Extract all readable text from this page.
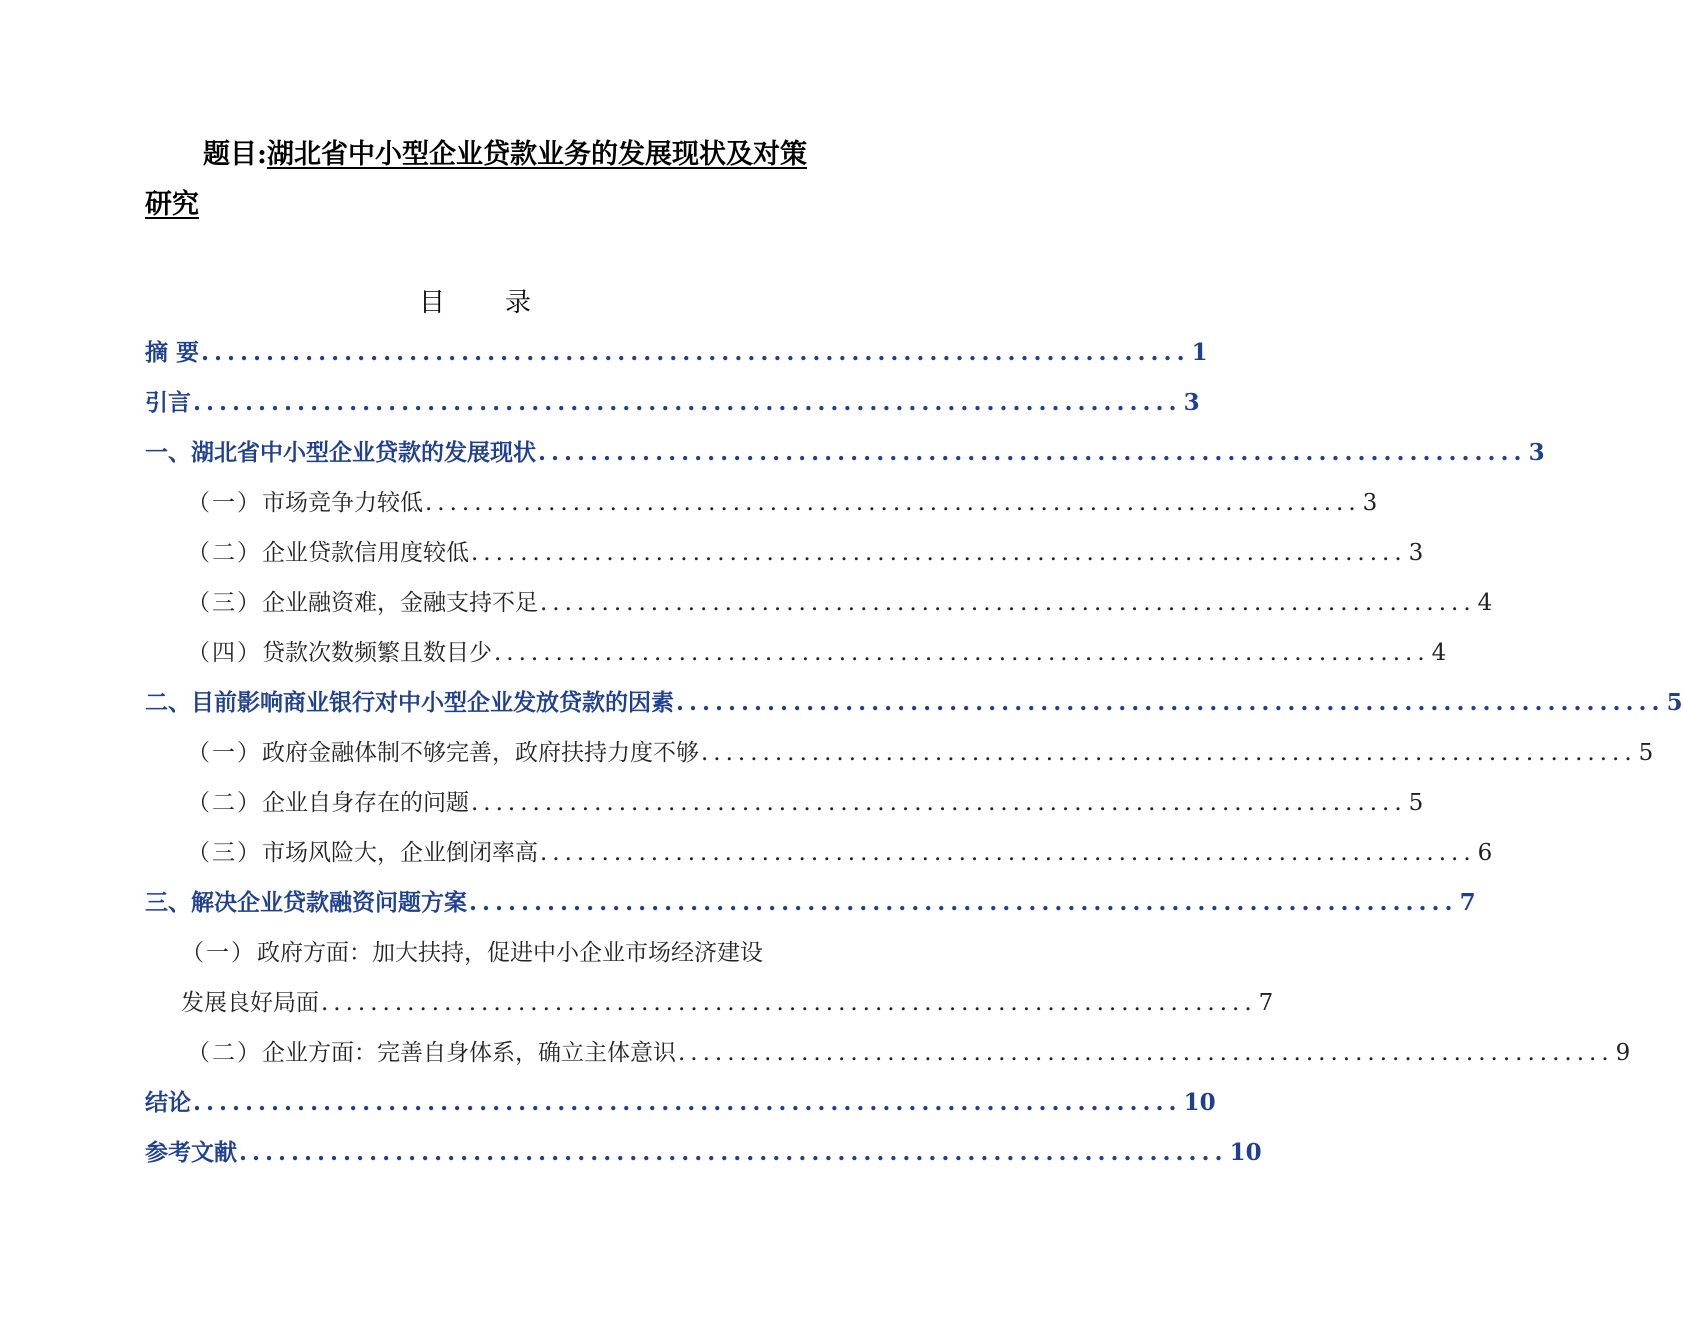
题目:湖北省中小型企业贷款业务的发展现状及对策
研究
目录
摘 要 ............................................................................ 1
引言 ............................................................................ 3
一、 湖北省中小型企业贷款的发展现状 ............................................................................ 3
（一） 市场竞争力较低 ............................................................................ 3
（二） 企业贷款信用度较低 ............................................................................ 3
（三） 企业融资难，金融支持不足 ............................................................................ 4
（四） 贷款次数频繁且数目少 ............................................................................ 4
二、 目前影响商业银行对中小型企业发放贷款的因素 ............................................................................ 5
（一） 政府金融体制不够完善，政府扶持力度不够 ............................................................................ 5
（二） 企业自身存在的问题 ............................................................................ 5
（三） 市场风险大，企业倒闭率高 ............................................................................ 6
三、 解决企业贷款融资问题方案 ............................................................................ 7
（一） 政府方面：加大扶持，促进中小企业市场经济建设
发展良好局面 ............................................................................ 7
（二） 企业方面：完善自身体系，确立主体意识 ............................................................................ 9
结论 ............................................................................ 10
参考文献 ............................................................................ 10
